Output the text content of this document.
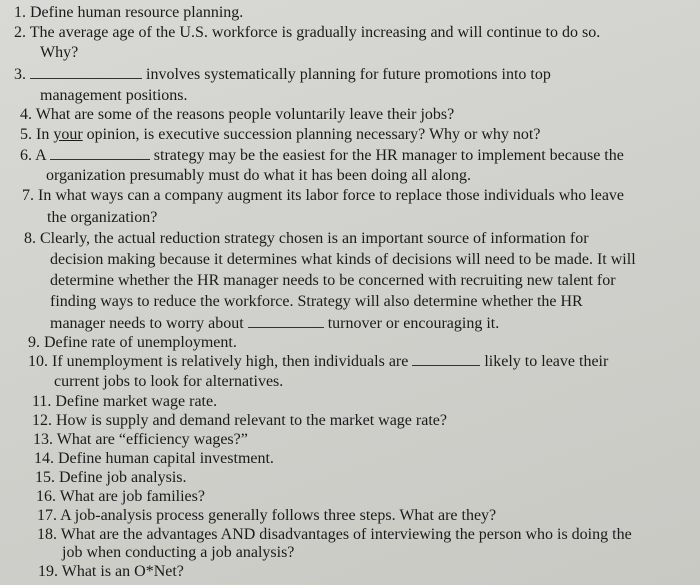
1. Define human resource planning.
2. The average age of the U.S. workforce is gradually increasing and will continue to do so.
Why?
3.	involves systematically planning for future promotions into top
management positions.
4. What are some of the reasons people voluntarily leave their jobs?
5. In your opinion, is executive succession planning necessary? Why or why not?
6. A	strategy may be the easiest for the HR manager to implement because the
organization presumably must do what it has been doing all along.
7. In what ways can a company augment its labor force to replace those individuals who leave
the organization?
8. Clearly, the actual reduction strategy chosen is an important source of information for
decision making because it determines what kinds of decisions will need to be made. It will
determine whether the HR manager needs to be concerned with recruiting new talent for
finding ways to reduce the workforce. Strategy will also determine whether the HR
manager needs to worry about	turnover or encouraging it.
9. Define rate of unemployment.
10. If unemployment is relatively high, then individuals are	likely to leave their
current jobs to look for alternatives.
11. Define market wage rate.
12. How is supply and demand relevant to the market wage rate?
13. What are “efficiency wages?”
14. Define human capital investment.
15. Define job analysis.
16. What are job families?
17. A job-analysis process generally follows three steps. What are they?
18. What are the advantages AND disadvantages of interviewing the person who is doing the
job when conducting a job analysis?
19. What is an O*Net?
